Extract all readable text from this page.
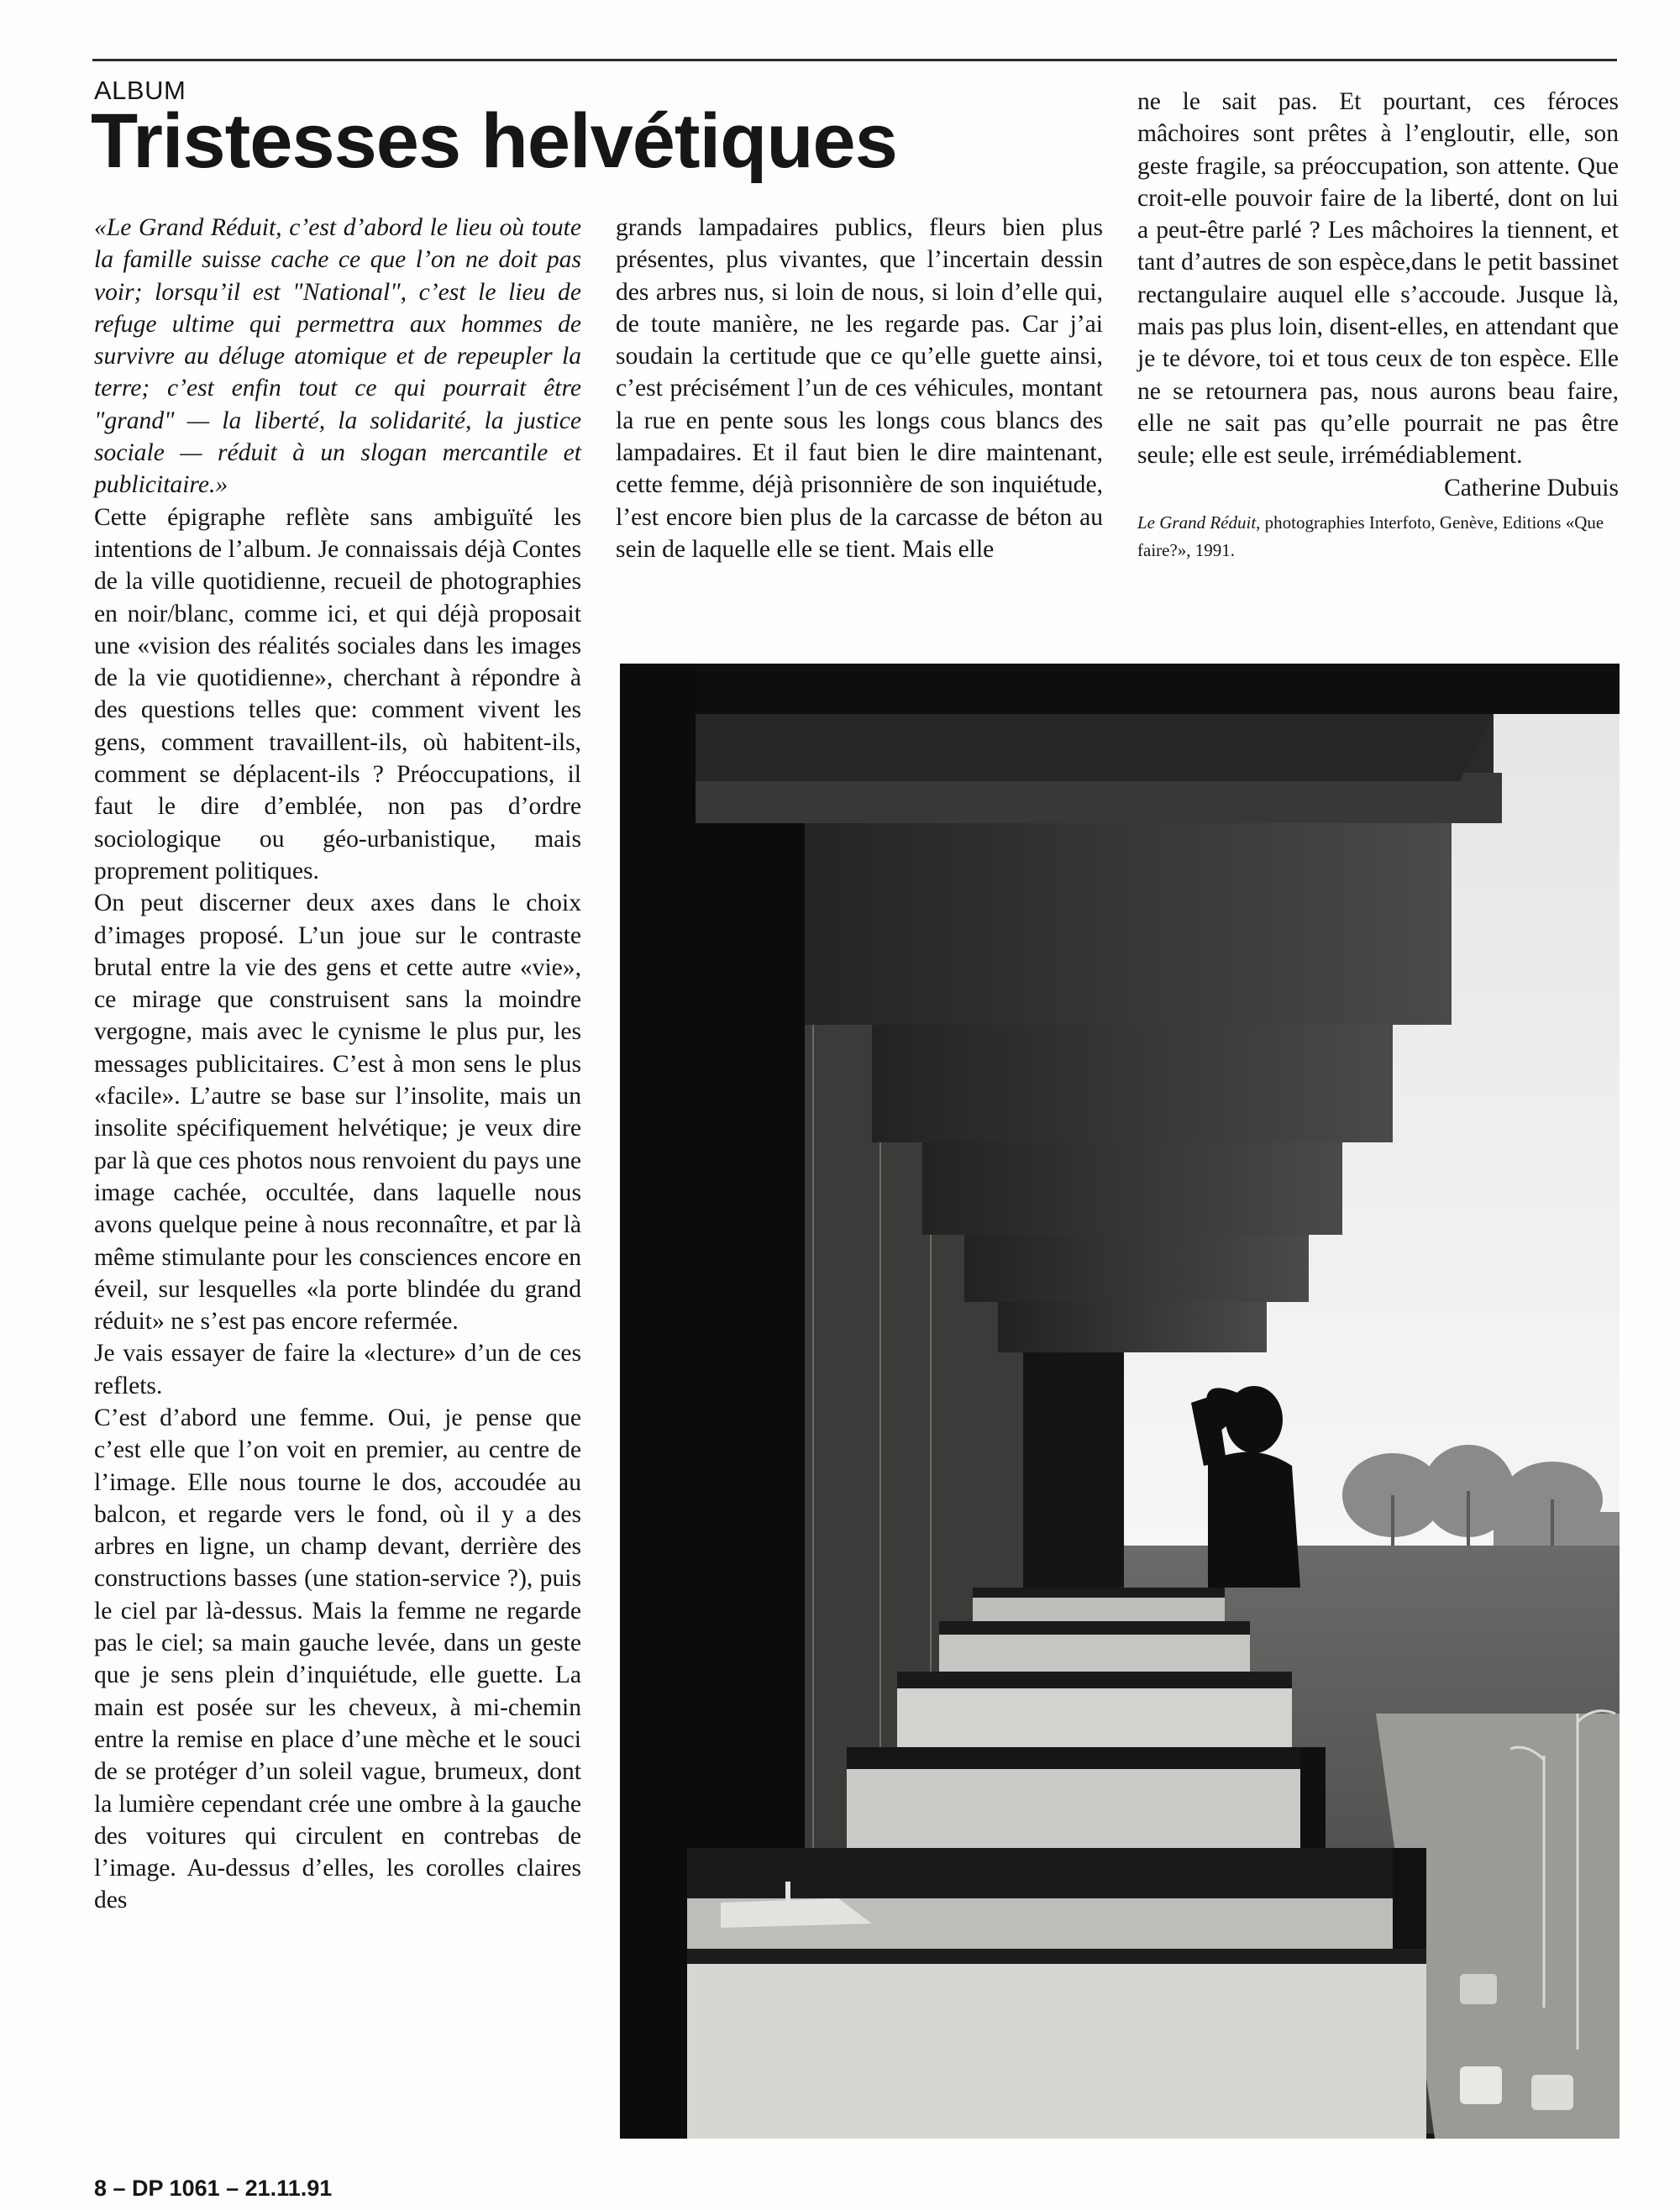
ALBUM
Tristesses helvétiques

«Le Grand Réduit, c’est d’abord le lieu où toute la famille suisse cache ce que l’on ne doit pas voir; lorsqu’il est "National", c’est le lieu de refuge ultime qui permettra aux hommes de survivre au déluge atomique et de repeupler la terre; c’est enfin tout ce qui pourrait être "grand" — la liberté, la solidarité, la justice sociale — réduit à un slogan mercantile et publicitaire.»

Cette épigraphe reflète sans ambiguïté les intentions de l’album. Je connaissais déjà Contes de la ville quotidienne, recueil de photographies en noir/blanc, comme ici, et qui déjà proposait une «vision des réalités sociales dans les images de la vie quotidienne», cherchant à répondre à des questions telles que: comment vivent les gens, comment travaillent-ils, où habitent-ils, comment se déplacent-ils ? Préoccupations, il faut le dire d’emblée, non pas d’ordre sociologique ou géo-urbanistique, mais proprement politiques.

On peut discerner deux axes dans le choix d’images proposé. L’un joue sur le contraste brutal entre la vie des gens et cette autre «vie», ce mirage que construisent sans la moindre vergogne, mais avec le cynisme le plus pur, les messages publicitaires. C’est à mon sens le plus «facile». L’autre se base sur l’insolite, mais un insolite spécifiquement helvétique; je veux dire par là que ces photos nous renvoient du pays une image cachée, occultée, dans laquelle nous avons quelque peine à nous reconnaître, et par là même stimulante pour les consciences encore en éveil, sur lesquelles «la porte blindée du grand réduit» ne s’est pas encore refermée.

Je vais essayer de faire la «lecture» d’un de ces reflets.

C’est d’abord une femme. Oui, je pense que c’est elle que l’on voit en premier, au centre de l’image. Elle nous tourne le dos, accoudée au balcon, et regarde vers le fond, où il y a des arbres en ligne, un champ devant, derrière des constructions basses (une station-service ?), puis le ciel par là-dessus. Mais la femme ne regarde pas le ciel; sa main gauche levée, dans un geste que je sens plein d’inquiétude, elle guette. La main est posée sur les cheveux, à mi-chemin entre la remise en place d’une mèche et le souci de se protéger d’un soleil vague, brumeux, dont la lumière cependant crée une ombre à la gauche des voitures qui circulent en contrebas de l’image. Au-dessus d’elles, les corolles claires des

grands lampadaires publics, fleurs bien plus présentes, plus vivantes, que l’incertain dessin des arbres nus, si loin de nous, si loin d’elle qui, de toute manière, ne les regarde pas. Car j’ai soudain la certitude que ce qu’elle guette ainsi, c’est précisément l’un de ces véhicules, montant la rue en pente sous les longs cous blancs des lampadaires. Et il faut bien le dire maintenant, cette femme, déjà prisonnière de son inquiétude, l’est encore bien plus de la carcasse de béton au sein de laquelle elle se tient. Mais elle

ne le sait pas. Et pourtant, ces féroces mâchoires sont prêtes à l’engloutir, elle, son geste fragile, sa préoccupation, son attente. Que croit-elle pouvoir faire de la liberté, dont on lui a peut-être parlé ? Les mâchoires la tiennent, et tant d’autres de son espèce,dans le petit bassinet rectangulaire auquel elle s’accoude. Jusque là, mais pas plus loin, disent-elles, en attendant que je te dévore, toi et tous ceux de ton espèce. Elle ne se retournera pas, nous aurons beau faire, elle ne sait pas qu’elle pourrait ne pas être seule; elle est seule, irrémédiablement.

Catherine Dubuis
Le Grand Réduit, photographies Interfoto, Genève, Editions «Que faire?», 1991.
8 – DP 1061 – 21.11.91
